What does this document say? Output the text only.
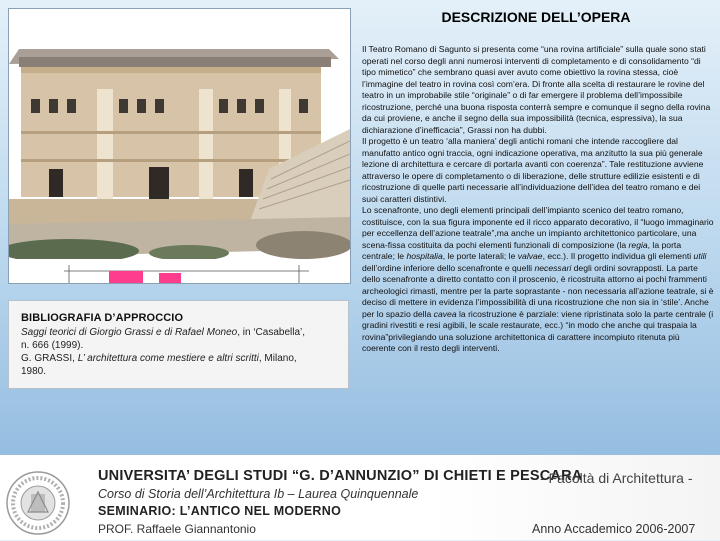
BIBLIOGRAFIA D’APPROCCIO

Saggi teorici di Giorgio Grassi e di Rafael Moneo, in ‘Casabella’,

n. 666 (1999).

G. GRASSI, L’ architettura come mestiere e altri scritti, Milano,

1980.

DESCRIZIONE DELL’OPERA

Il Teatro Romano di Sagunto si presenta come “una rovina artificiale” sulla quale sono stati operati nel corso degli anni numerosi interventi di completamento e di consolidamento “di tipo mimetico” che sembrano quasi aver avuto come obiettivo la rovina stessa, cioè l’immagine del teatro in rovina così com’era. Di fronte alla scelta di restaurare le rovine del teatro in un improbabile stile “originale” o di far emergere il problema dell’impossibile ricostruzione, perché una buona risposta conterrà sempre e comunque il segno della rovina da cui proviene, e anche il segno della sua impossibilità (tecnica, espressiva), la sua dichiarazione d’inefficacia”, Grassi non ha dubbi.

Il progetto è un teatro ‘alla maniera’ degli antichi romani che intende raccogliere dal manufatto antico ogni traccia, ogni indicazione operativa, ma anzitutto la sua più generale lezione di architettura e cercare di portarla avanti con coerenza”. Tale restituzione avviene attraverso le opere di completamento o di liberazione, delle strutture edilizie esistenti e di ricostruzione di quelle parti necessarie all’individuazione dell’idea del teatro romano e dei suoi caratteri distintivi.

Lo scenafronte, uno degli elementi principali dell’impianto scenico del teatro romano, costituisce, con la sua figura imponente ed il ricco apparato decorativo, il “luogo immaginario per eccellenza dell’azione teatrale”,ma anche un impianto architettonico particolare, una scena-fissa costituita da pochi elementi funzionali di composizione (la regia, la porta centrale; le hospitalia, le porte laterali; le valvae, ecc.). Il progetto individua gli elementi utili dell’ordine inferiore dello scenafronte e quelli necessari degli ordini sovrapposti. La parte dello scenafronte a diretto contatto con il proscenio, è ricostruita attorno ai pochi frammenti archeologici rimasti, mentre per la parte soprastante - non necessaria all’azione teatrale, si è deciso di mettere in evidenza l’impossibilità di una ricostruzione che non sia in ‘stile’. Anche per lo spazio della cavea la ricostruzione è parziale: viene ripristinata solo la parte centrale (i gradini rivestiti e resi agibili, le scale restaurate, ecc.) “in modo che anche qui traspaia la rovina”privilegiando una soluzione architettonica di carattere incompiuto ritenuta più coerente con il resto degli interventi.

UNIVERSITA’ DEGLI STUDI “G. D’ANNUNZIO” DI CHIETI E PESCARA

- Facoltà di Architettura -

Corso di Storia dell’Architettura Ib – Laurea Quinquennale

SEMINARIO: L’ANTICO NEL MODERNO

PROF. Raffaele Giannantonio	Anno Accademico 2006-2007
